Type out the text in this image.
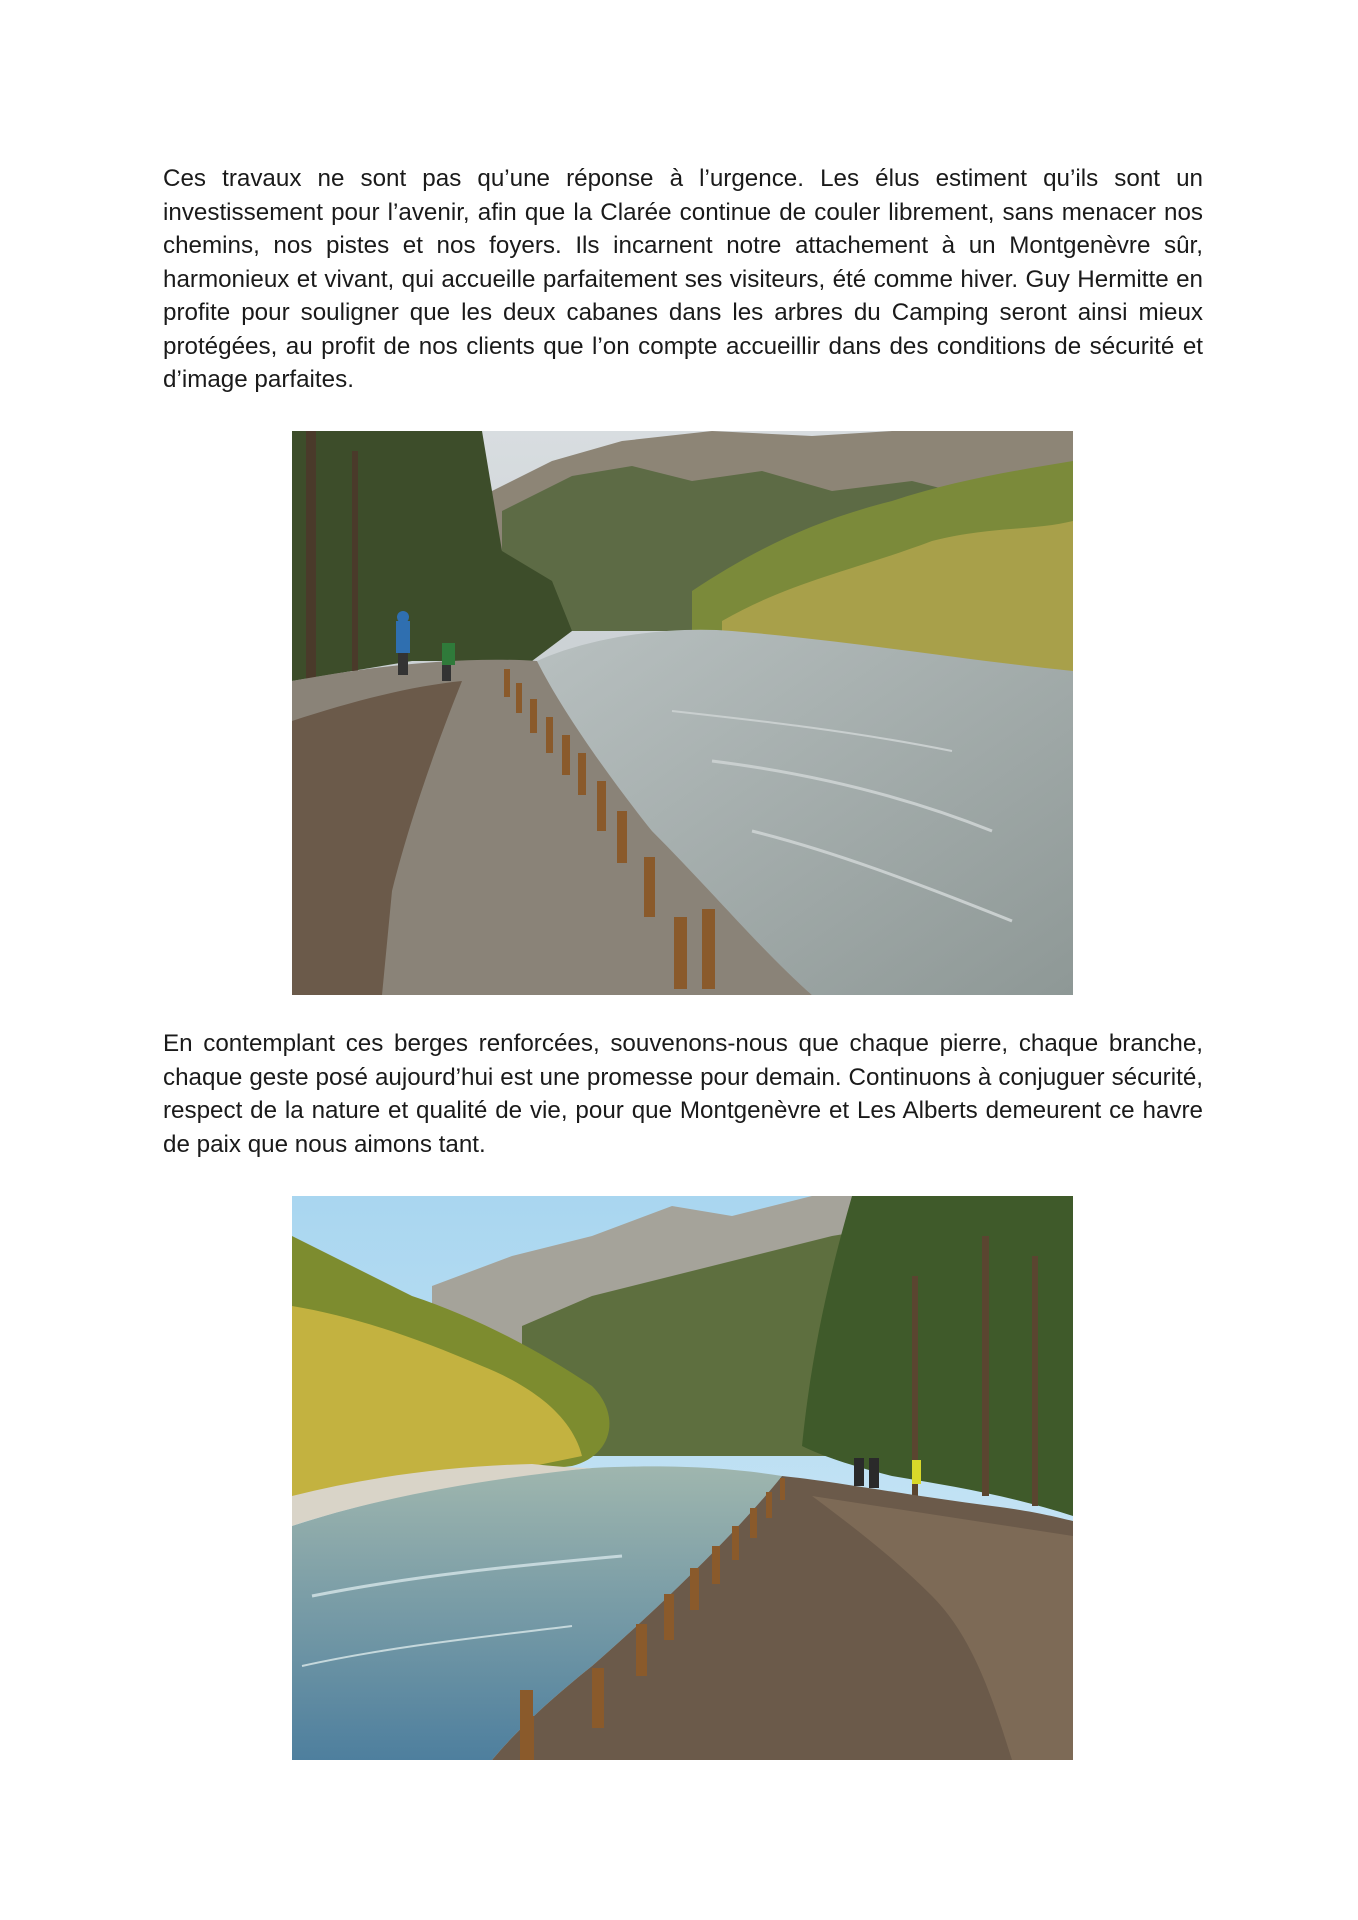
Ces travaux ne sont pas qu’une réponse à l’urgence. Les élus estiment qu’ils sont un investissement pour l’avenir, afin que la Clarée continue de couler librement, sans menacer nos chemins, nos pistes et nos foyers. Ils incarnent notre attachement à un Montgenèvre sûr, harmonieux et vivant, qui accueille parfaitement ses visiteurs, été comme hiver. Guy Hermitte en profite pour souligner que les deux cabanes dans les arbres du Camping seront ainsi mieux protégées, au profit de nos clients que l’on compte accueillir dans des conditions de sécurité et d’image parfaites.

En contemplant ces berges renforcées, souvenons-nous que chaque pierre, chaque branche, chaque geste posé aujourd’hui est une promesse pour demain. Continuons à conjuguer sécurité, respect de la nature et qualité de vie, pour que Montgenèvre et Les Alberts demeurent ce havre de paix que nous aimons tant.
